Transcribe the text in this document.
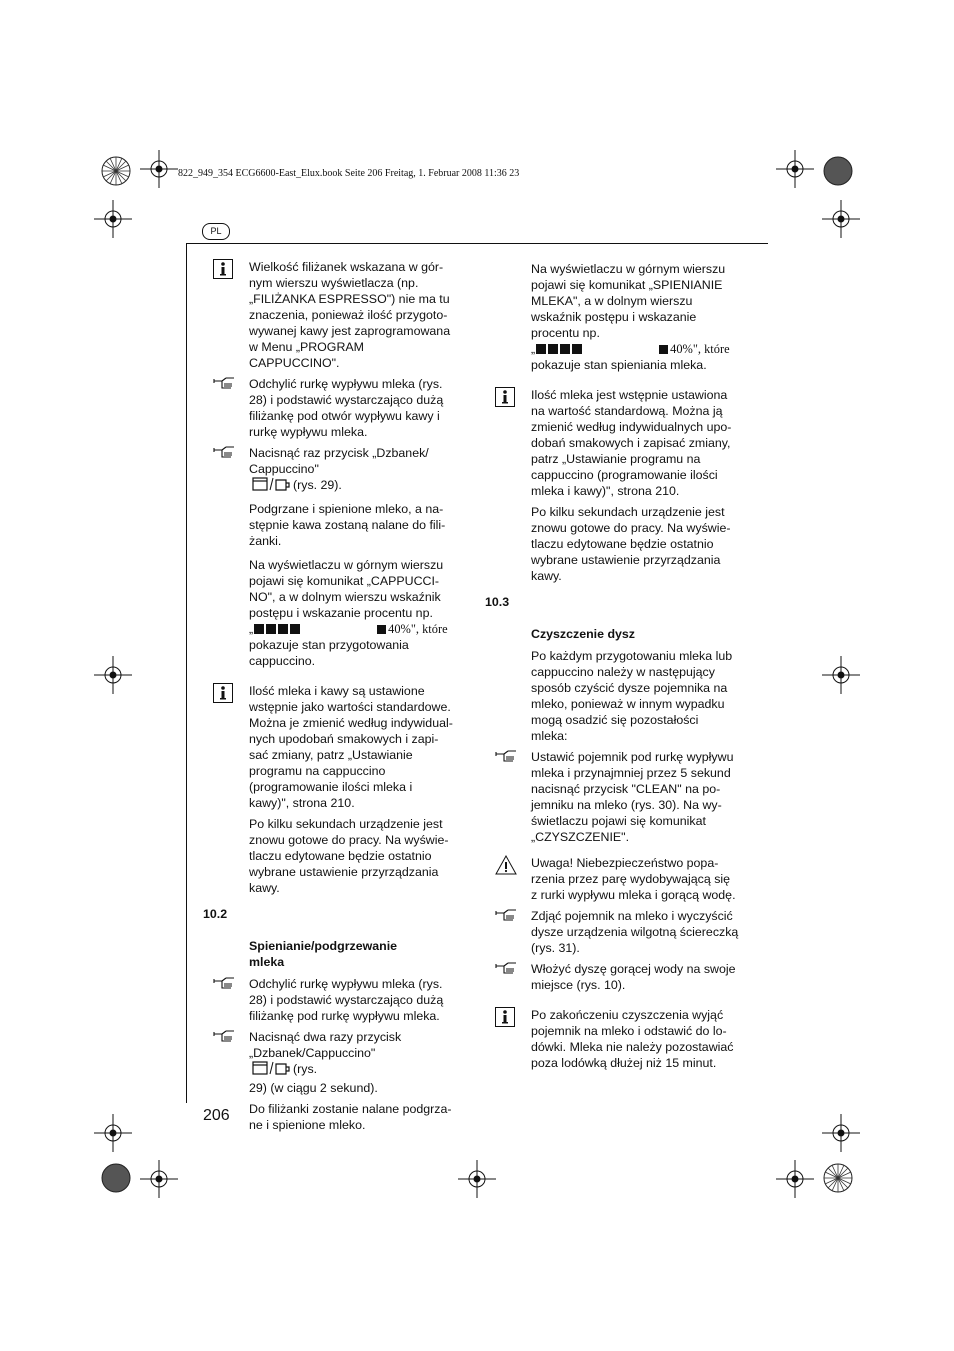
822_949_354 ECG6600-East_Elux.book Seite 206 Freitag, 1. Februar 2008 11:36 23
PL
206
Wielkość filiżanek wskazana w gór-
nym wierszu wyświetlacza (np.
„FILIŻANKA ESPRESSO") nie ma tu
znaczenia, ponieważ ilość przygoto-
wywanej kawy jest zaprogramowana
w Menu „PROGRAM
CAPPUCCINO".
Odchylić rurkę wypływu mleka (rys.
28) i podstawić wystarczająco dużą
filiżankę pod otwór wypływu kawy i
rurkę wypływu mleka.
Nacisnąć raz przycisk „Dzbanek/
Cappuccino"
(rys. 29).
Podgrzane i spienione mleko, a na-
stępnie kawa zostaną nalane do fili-
żanki.
Na wyświetlaczu w górnym wierszu
pojawi się komunikat „CAPPUCCI-
NO", a w dolnym wierszu wskaźnik
postępu i wskazanie procentu np.
„	40%", które
pokazuje stan przygotowania
cappuccino.
Ilość mleka i kawy są ustawione
wstępnie jako wartości standardowe.
Można je zmienić według indywidual-
nych upodobań smakowych i zapi-
sać zmiany, patrz „Ustawianie
programu na cappuccino
(programowanie ilości mleka i
kawy)", strona 210.
Po kilku sekundach urządzenie jest
znowu gotowe do pracy. Na wyświe-
tlaczu edytowane będzie ostatnio
wybrane ustawienie przyrządzania
kawy.

10.2

Spienianie/podgrzewanie
mleka

Odchylić rurkę wypływu mleka (rys.
28) i podstawić wystarczająco dużą
filiżankę pod rurkę wypływu mleka.
Nacisnąć dwa razy przycisk
„Dzbanek/Cappuccino"
(rys.
29) (w ciągu 2 sekund).
Do filiżanki zostanie nalane podgrza-
ne i spienione mleko.
Na wyświetlaczu w górnym wierszu
pojawi się komunikat „SPIENIANIE
MLEKA", a w dolnym wierszu
wskaźnik postępu i wskazanie
procentu np.
„	40%", które
pokazuje stan spieniania mleka.
Ilość mleka jest wstępnie ustawiona
na wartość standardową. Można ją
zmienić według indywidualnych upo-
dobań smakowych i zapisać zmiany,
patrz „Ustawianie programu na
cappuccino (programowanie ilości
mleka i kawy)", strona 210.
Po kilku sekundach urządzenie jest
znowu gotowe do pracy. Na wyświe-
tlaczu edytowane będzie ostatnio
wybrane ustawienie przyrządzania
kawy.

10.3

Czyszczenie dysz

Po każdym przygotowaniu mleka lub
cappuccino należy w następujący
sposób czyścić dysze pojemnika na
mleko, ponieważ w innym wypadku
mogą osadzić się pozostałości
mleka:
Ustawić pojemnik pod rurkę wypływu
mleka i przynajmniej przez 5 sekund
nacisnąć przycisk "CLEAN" na po-
jemniku na mleko (rys. 30). Na wy-
świetlaczu pojawi się komunikat
„CZYSZCZENIE".
Uwaga! Niebezpieczeństwo popa-
rzenia przez parę wydobywającą się
z rurki wypływu mleka i gorącą wodę.
Zdjąć pojemnik na mleko i wyczyścić
dysze urządzenia wilgotną ściereczką
(rys. 31).
Włożyć dyszę gorącej wody na swoje
miejsce (rys. 10).
Po zakończeniu czyszczenia wyjąć
pojemnik na mleko i odstawić do lo-
dówki. Mleka nie należy pozostawiać
poza lodówką dłużej niż 15 minut.
